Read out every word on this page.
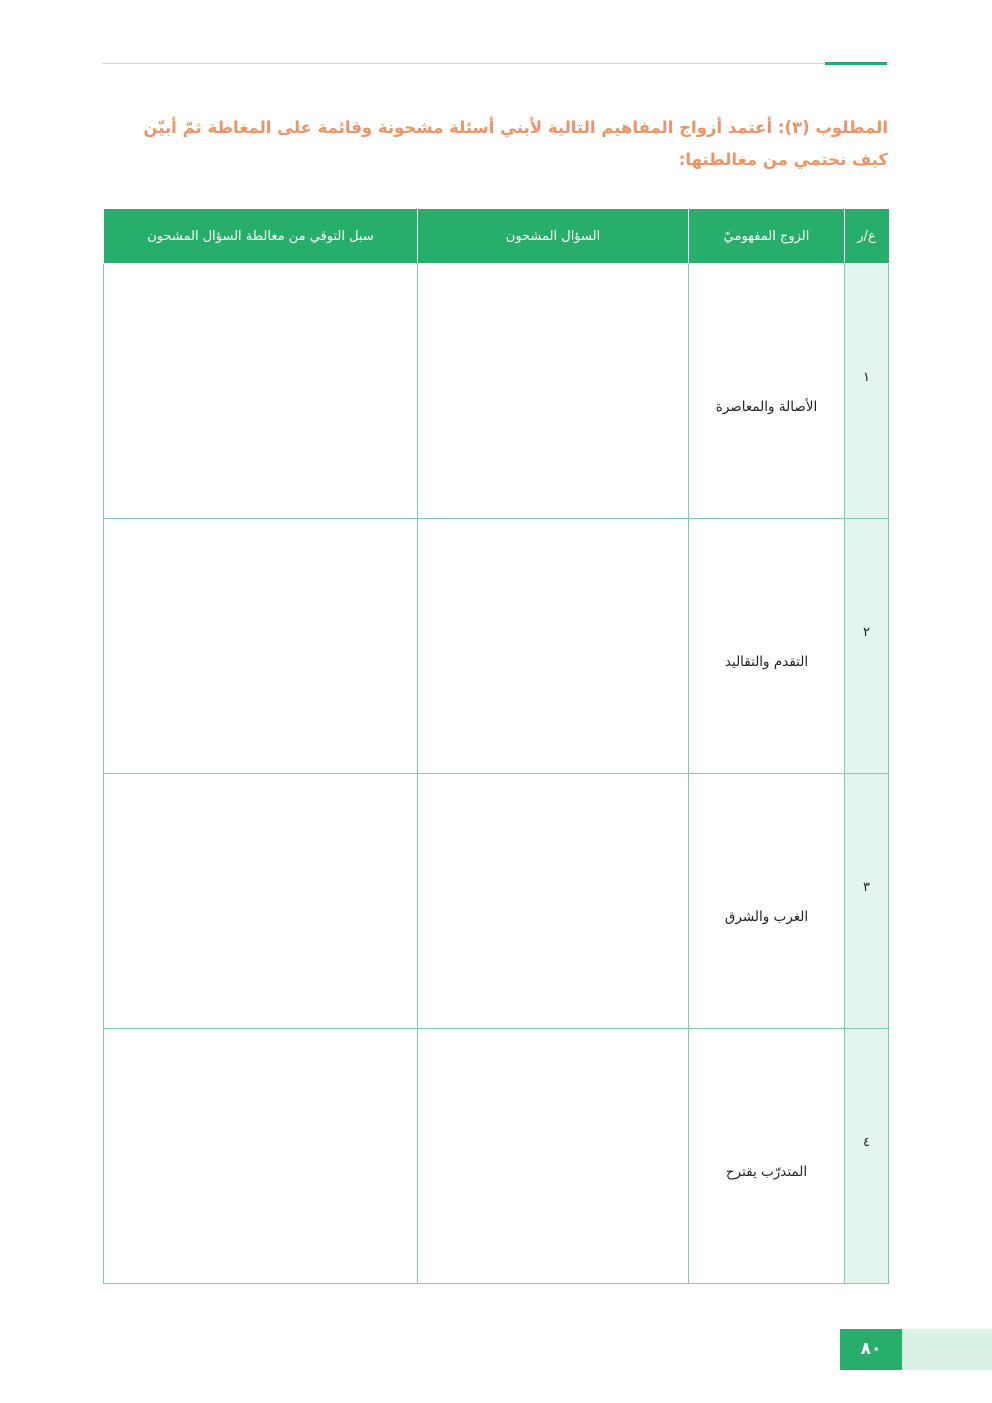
المطلوب (٣): أعتمد أزواج المفاهيم التالية لأبني أسئلة مشحونة وقائمة على المغاطة ثمّ أبيّن كيف نحتمي من مغالطتها:

ع/ر	الزوج المفهوميّ	السؤال المشحون	سبل التوقي من مغالطة السؤال المشحون
١	الأصالة والمعاصرة		
٢	التقدم والتقاليد		
٣	الغرب والشرق		
٤	المتدرّب يقترح		
٨٠
